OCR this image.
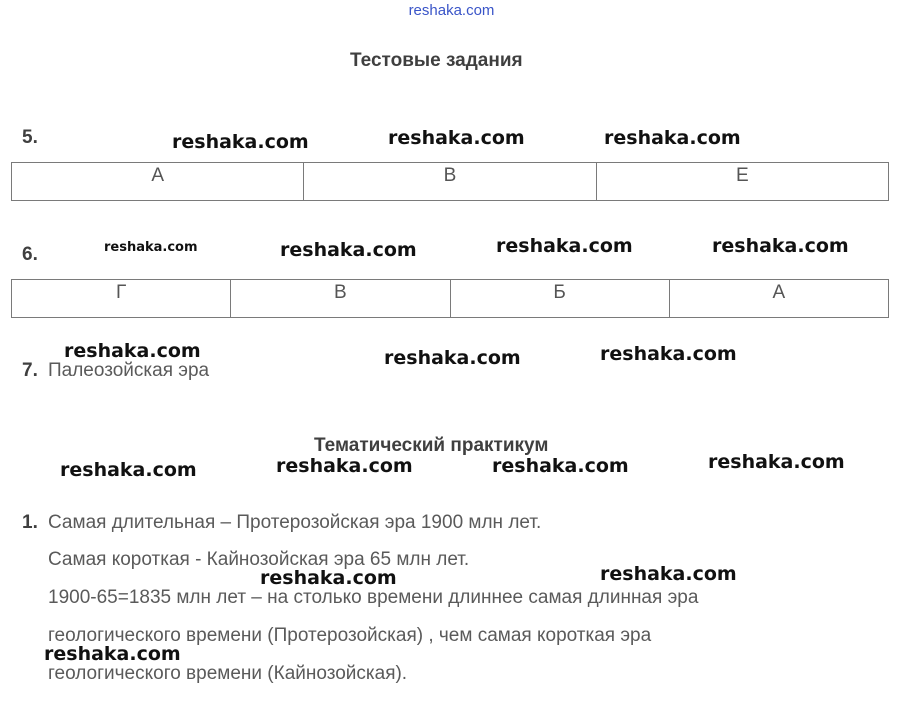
reshaka.com
Тестовые задания
5.
А	В	Е
6.
Г	В	Б	А
7. Палеозойская эра
Тематический практикум
1. Самая длительная – Протерозойская эра 1900 млн лет.
Самая короткая - Кайнозойская эра 65 млн лет.
1900-65=1835 млн лет – на столько времени длиннее самая длинная эра
геологического времени (Протерозойская) , чем самая короткая эра
геологического времени (Кайнозойская).
reshaka.com	reshaka.com	reshaka.com
reshaka.com	reshaka.com	reshaka.com	reshaka.com
reshaka.com	reshaka.com	reshaka.com
reshaka.com	reshaka.com	reshaka.com	reshaka.com
reshaka.com	reshaka.com
reshaka.com
